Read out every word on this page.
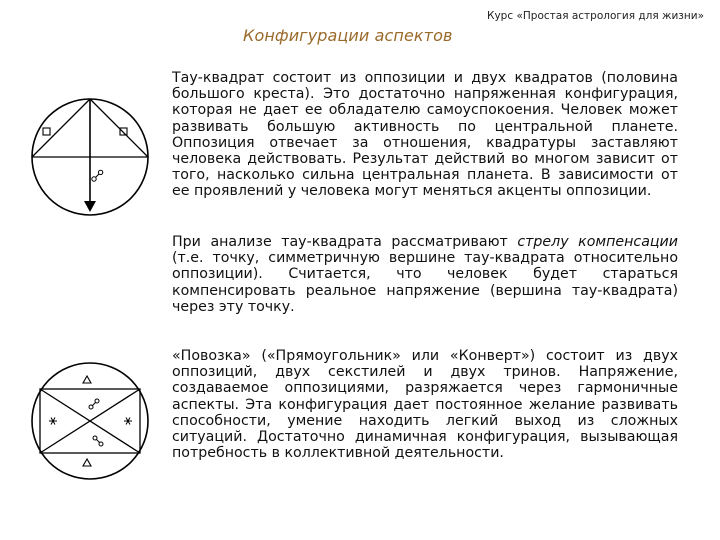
Курс «Простая астрология для жизни»
Конфигурации аспектов

Тау-квадрат состоит из оппозиции и двух квадратов (половина большого креста). Это достаточно напряженная конфигурация, которая не дает ее обладателю самоуспокоения. Человек может развивать большую активность по центральной планете. Оппозиция отвечает за отношения, квадратуры заставляют человека действовать. Результат действий во многом зависит от того, насколько сильна центральная планета. В зависимости от ее проявлений у человека могут меняться акценты оппозиции.

При анализе тау-квадрата рассматривают стрелу компенсации (т.е. точку, симметричную вершине тау-квадрата относительно оппозиции). Считается, что человек будет стараться компенсировать реальное напряжение (вершина тау-квадрата) через эту точку.

«Повозка» («Прямоугольник» или «Конверт») состоит из двух оппозиций, двух секстилей и двух тринов. Напряжение, создаваемое оппозициями, разряжается через гармоничные аспекты. Эта конфигурация дает постоянное желание развивать способности, умение находить легкий выход из сложных ситуаций. Достаточно динамичная конфигурация, вызывающая потребность в коллективной деятельности.
